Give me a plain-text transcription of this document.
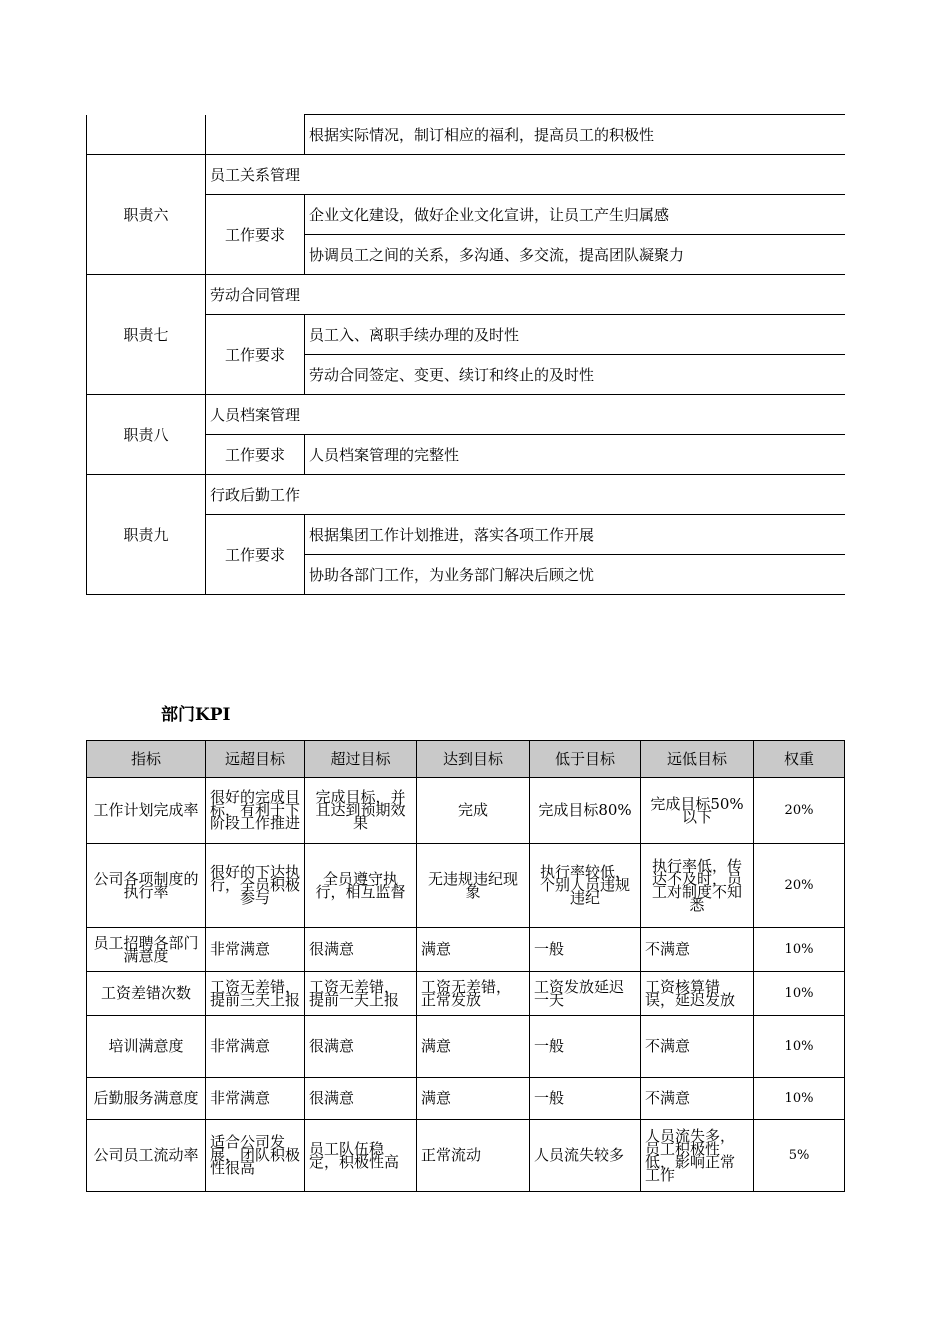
		根据实际情况，制订相应的福利，提高员工的积极性
职责六	员工关系管理	
	工作要求	企业文化建设，做好企业文化宣讲，让员工产生归属感
		协调员工之间的关系，多沟通、多交流，提高团队凝聚力
职责七	劳动合同管理	
	工作要求	员工入、离职手续办理的及时性
		劳动合同签定、变更、续订和终止的及时性
职责八	人员档案管理	
	工作要求	人员档案管理的完整性
职责九	行政后勤工作	
	工作要求	根据集团工作计划推进，落实各项工作开展
		协助各部门工作，为业务部门解决后顾之忧
部门KPI
指标	远超目标	超过目标	达到目标	低于目标	远低目标	权重
工作计划完成率	很好的完成目标，有利于下阶段工作推进	完成目标，并且达到预期效果	完成	完成目标80%	完成目标50%以下	20%
公司各项制度的执行率	很好的下达执行，全员积极参与	全员遵守执行，相互监督	无违规违纪现象	执行率较低，个别人员违规违纪	执行率低，传达不及时，员工对制度不知悉	20%
员工招聘各部门满意度	非常满意	很满意	满意	一般	不满意	10%
工资差错次数	工资无差错，提前三天上报	工资无差错，提前一天上报	工资无差错，正常发放	工资发放延迟一天	工资核算错误，延迟发放	10%
培训满意度	非常满意	很满意	满意	一般	不满意	10%
后勤服务满意度	非常满意	很满意	满意	一般	不满意	10%
公司员工流动率	适合公司发展，团队积极性很高	员工队伍稳定，积极性高	正常流动	人员流失较多	人员流失多，员工积极性低，影响正常工作	5%
